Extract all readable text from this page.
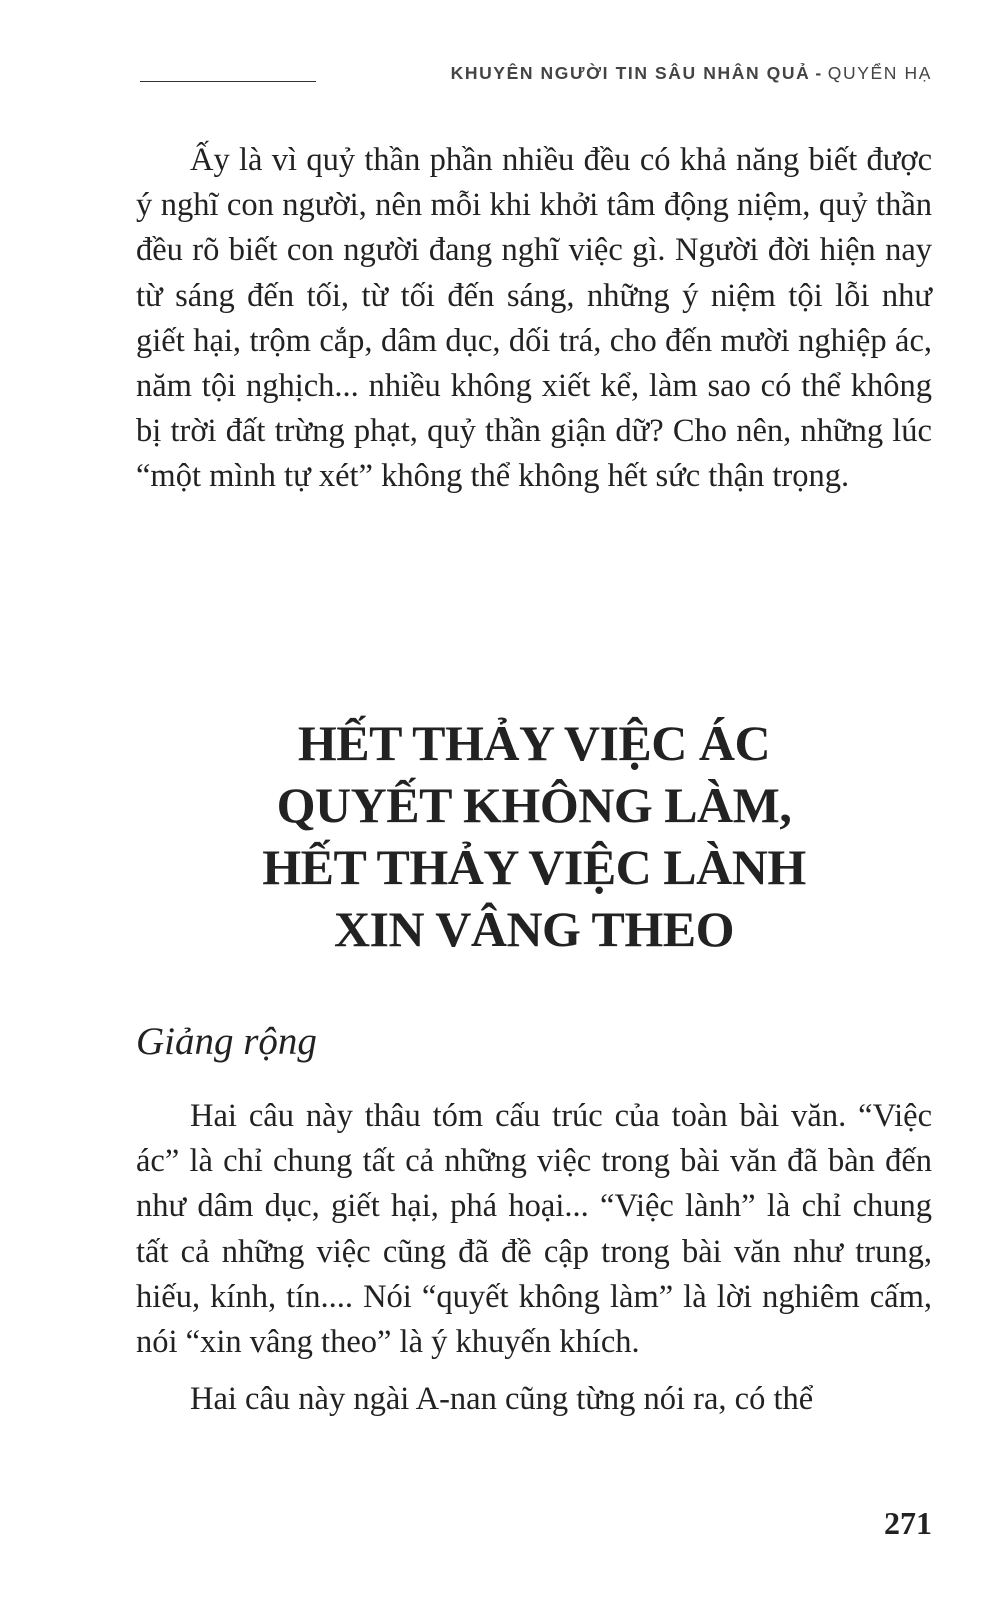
KHUYÊN NGƯỜI TIN SÂU NHÂN QUẢ - QUYỂN HẠ

Ấy là vì quỷ thần phần nhiều đều có khả năng biết được ý nghĩ con người, nên mỗi khi khởi tâm động niệm, quỷ thần đều rõ biết con người đang nghĩ việc gì. Người đời hiện nay từ sáng đến tối, từ tối đến sáng, những ý niệm tội lỗi như giết hại, trộm cắp, dâm dục, dối trá, cho đến mười nghiệp ác, năm tội nghịch... nhiều không xiết kể, làm sao có thể không bị trời đất trừng phạt, quỷ thần giận dữ? Cho nên, những lúc “một mình tự xét” không thể không hết sức thận trọng.

HẾT THẢY VIỆC ÁC
QUYẾT KHÔNG LÀM,
HẾT THẢY VIỆC LÀNH
XIN VÂNG THEO
Giảng rộng

Hai câu này thâu tóm cấu trúc của toàn bài văn. “Việc ác” là chỉ chung tất cả những việc trong bài văn đã bàn đến như dâm dục, giết hại, phá hoại... “Việc lành” là chỉ chung tất cả những việc cũng đã đề cập trong bài văn như trung, hiếu, kính, tín.... Nói “quyết không làm” là lời nghiêm cấm, nói “xin vâng theo” là ý khuyến khích.

Hai câu này ngài A-nan cũng từng nói ra, có thể

271
